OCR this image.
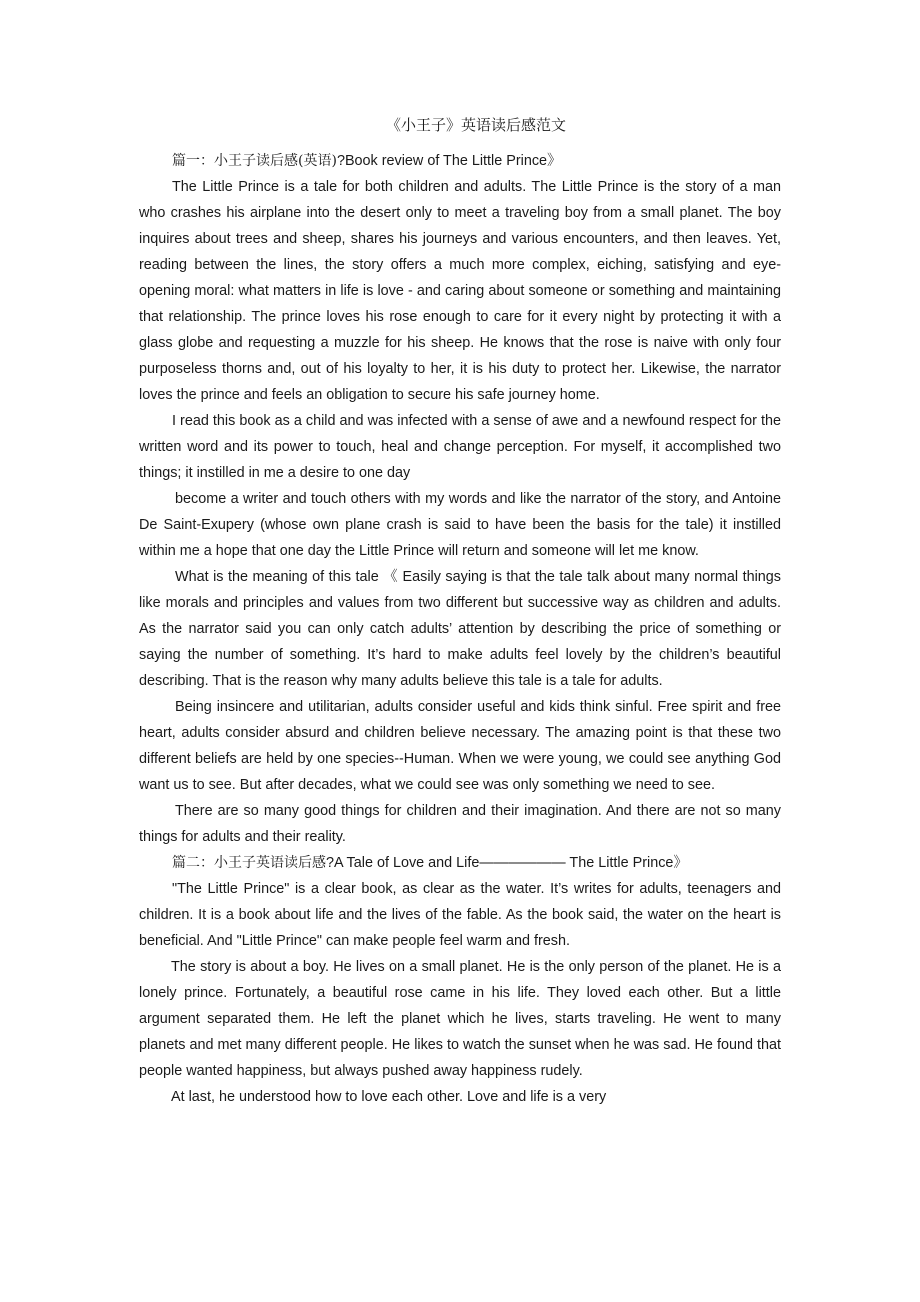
《小王子》英语读后感范文
篇一：小王子读后感(英语)?Book review of The Little Prince》

The Little Prince is a tale for both children and adults. The Little Prince is the story of a man who crashes his airplane into the desert only to meet a traveling boy from a small planet. The boy inquires about trees and sheep, shares his journeys and various encounters, and then leaves. Yet, reading between the lines, the story offers a much more complex, eiching, satisfying and eye-opening moral: what matters in life is love - and caring about someone or something and maintaining that relationship. The prince loves his rose enough to care for it every night by protecting it with a glass globe and requesting a muzzle for his sheep. He knows that the rose is naive with only four purposeless thorns and, out of his loyalty to her, it is his duty to protect her. Likewise, the narrator loves the prince and feels an obligation to secure his safe journey home.

I read this book as a child and was infected with a sense of awe and a newfound respect for the written word and its power to touch, heal and change perception. For myself, it accomplished two things; it instilled in me a desire to one day

become a writer and touch others with my words and like the narrator of the story, and Antoine De Saint-Exupery (whose own plane crash is said to have been the basis for the tale) it instilled within me a hope that one day the Little Prince will return and someone will let me know.

What is the meaning of this tale 《 Easily saying is that the tale talk about many normal things like morals and principles and values from two different but successive way as children and adults. As the narrator said you can only catch adults’ attention by describing the price of something or saying the number of something. It’s hard to make adults feel lovely by the children’s beautiful describing. That is the reason why many adults believe this tale is a tale for adults.

Being insincere and utilitarian, adults consider useful and kids think sinful. Free spirit and free heart, adults consider absurd and children believe necessary. The amazing point is that these two different beliefs are held by one species--Human. When we were young, we could see anything God want us to see. But after decades, what we could see was only something we need to see.

There are so many good things for children and their imagination. And there are not so many things for adults and their reality.

篇二：小王子英语读后感?A Tale of Love and Life—————— The Little Prince》

"The Little Prince" is a clear book, as clear as the water. It’s writes for adults, teenagers and children. It is a book about life and the lives of the fable. As the book said, the water on the heart is beneficial. And "Little Prince" can make people feel warm and fresh.

The story is about a boy. He lives on a small planet. He is the only person of the planet. He is a lonely prince. Fortunately, a beautiful rose came in his life. They loved each other. But a little argument separated them. He left the planet which he lives, starts traveling. He went to many planets and met many different people. He likes to watch the sunset when he was sad. He found that people wanted happiness, but always pushed away happiness rudely.

At last, he understood how to love each other. Love and life is a very
